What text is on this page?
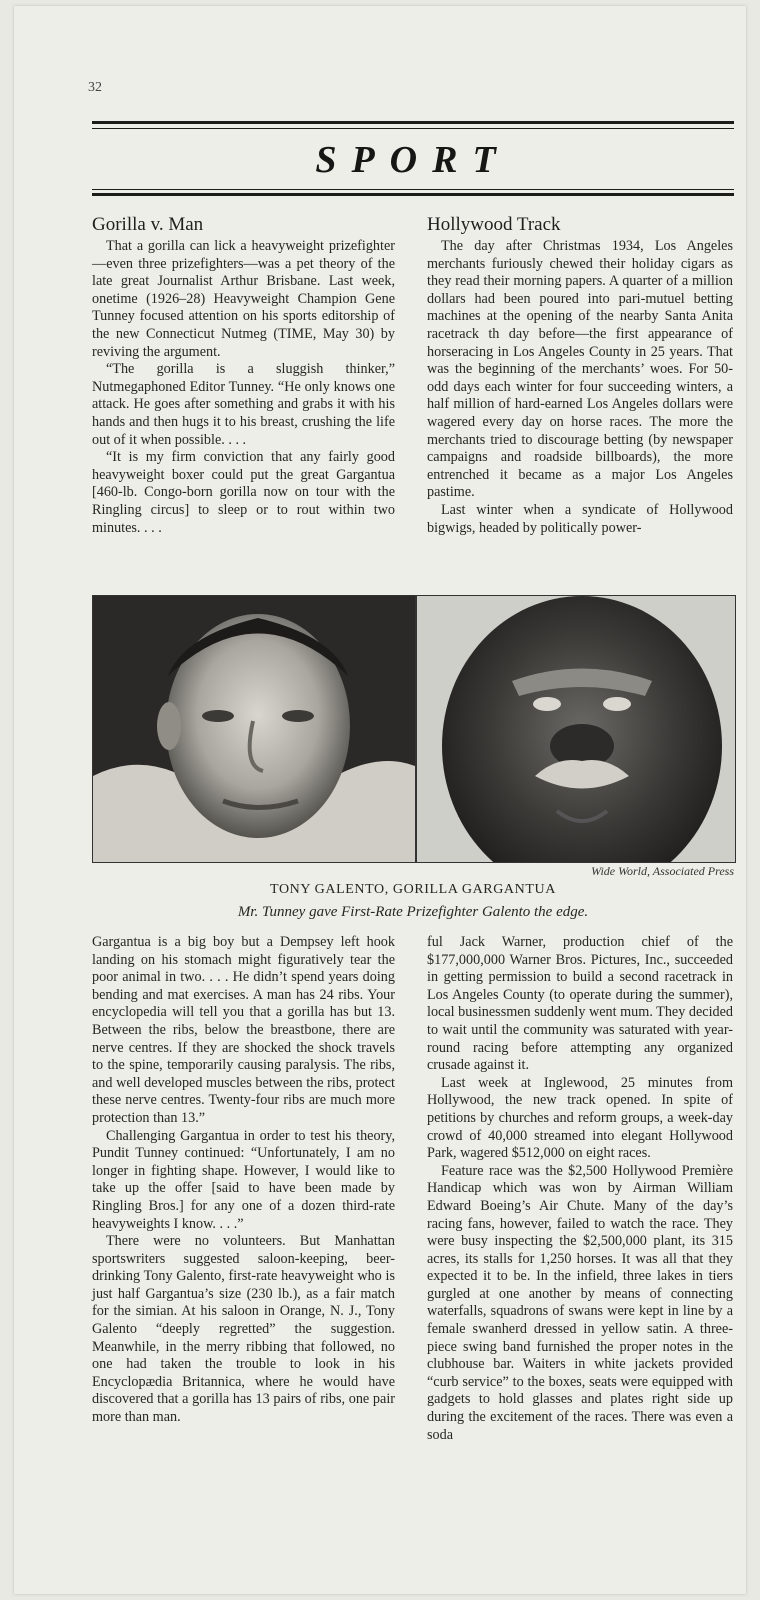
32
SPORT
Gorilla v. Man

That a gorilla can lick a heavyweight prizefighter—even three prizefighters—was a pet theory of the late great Journalist Arthur Brisbane. Last week, onetime (1926–28) Heavyweight Champion Gene Tunney focused attention on his sports editorship of the new Connecticut Nutmeg (TIME, May 30) by reviving the argument.

“The gorilla is a sluggish thinker,” Nutmegaphoned Editor Tunney. “He only knows one attack. He goes after something and grabs it with his hands and then hugs it to his breast, crushing the life out of it when possible. . . .

“It is my firm conviction that any fairly good heavyweight boxer could put the great Gargantua [460-lb. Congo-born gorilla now on tour with the Ringling circus] to sleep or to rout within two minutes. . . .

Hollywood Track

The day after Christmas 1934, Los Angeles merchants furiously chewed their holiday cigars as they read their morning papers. A quarter of a million dollars had been poured into pari-mutuel betting machines at the opening of the nearby Santa Anita racetrack th day before—the first appearance of horseracing in Los Angeles County in 25 years. That was the beginning of the merchants’ woes. For 50-odd days each winter for four succeeding winters, a half million of hard-earned Los Angeles dollars were wagered every day on horse races. The more the merchants tried to discourage betting (by newspaper campaigns and roadside billboards), the more entrenched it became as a major Los Angeles pastime.

Last winter when a syndicate of Hollywood bigwigs, headed by politically power-

Wide World, Associated Press
TONY GALENTO, GORILLA GARGANTUA
Mr. Tunney gave First-Rate Prizefighter Galento the edge.

Gargantua is a big boy but a Dempsey left hook landing on his stomach might figuratively tear the poor animal in two. . . . He didn’t spend years doing bending and mat exercises. A man has 24 ribs. Your encyclopedia will tell you that a gorilla has but 13. Between the ribs, below the breastbone, there are nerve centres. If they are shocked the shock travels to the spine, temporarily causing paralysis. The ribs, and well developed muscles between the ribs, protect these nerve centres. Twenty-four ribs are much more protection than 13.”

Challenging Gargantua in order to test his theory, Pundit Tunney continued: “Unfortunately, I am no longer in fighting shape. However, I would like to take up the offer [said to have been made by Ringling Bros.] for any one of a dozen third-rate heavyweights I know. . . .”

There were no volunteers. But Manhattan sportswriters suggested saloon-keeping, beer-drinking Tony Galento, first-rate heavyweight who is just half Gargantua’s size (230 lb.), as a fair match for the simian. At his saloon in Orange, N. J., Tony Galento “deeply regretted” the suggestion. Meanwhile, in the merry ribbing that followed, no one had taken the trouble to look in his Encyclopædia Britannica, where he would have discovered that a gorilla has 13 pairs of ribs, one pair more than man.

ful Jack Warner, production chief of the $177,000,000 Warner Bros. Pictures, Inc., succeeded in getting permission to build a second racetrack in Los Angeles County (to operate during the summer), local businessmen suddenly went mum. They decided to wait until the community was saturated with year-round racing before attempting any organized crusade against it.

Last week at Inglewood, 25 minutes from Hollywood, the new track opened. In spite of petitions by churches and reform groups, a week-day crowd of 40,000 streamed into elegant Hollywood Park, wagered $512,000 on eight races.

Feature race was the $2,500 Hollywood Première Handicap which was won by Airman William Edward Boeing’s Air Chute. Many of the day’s racing fans, however, failed to watch the race. They were busy inspecting the $2,500,000 plant, its 315 acres, its stalls for 1,250 horses. It was all that they expected it to be. In the infield, three lakes in tiers gurgled at one another by means of connecting waterfalls, squadrons of swans were kept in line by a female swanherd dressed in yellow satin. A three-piece swing band furnished the proper notes in the clubhouse bar. Waiters in white jackets provided “curb service” to the boxes, seats were equipped with gadgets to hold glasses and plates right side up during the excitement of the races. There was even a soda
